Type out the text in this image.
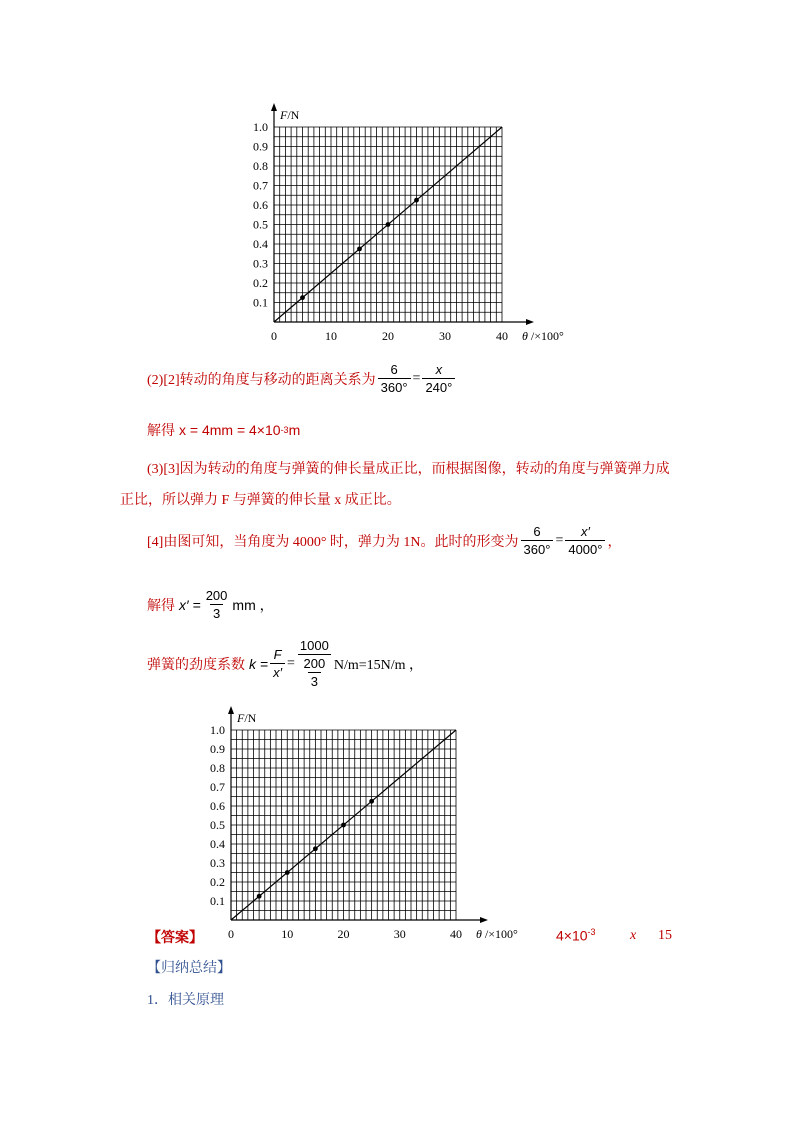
0	10	20	30	40
0.1
0.2
0.3
0.4
0.5
0.6
0.7
0.8
0.9
1.0
F/N
θ /×100°
0	10	20	30	40
0.1
0.2
0.3
0.4
0.5
0.6
0.7
0.8
0.9
1.0
F/N
θ /×100°
(2)[2]转动的角度与移动的距离关系为 $\frac{6}{360^\circ} = \frac{x}{240^\circ}$
解得 x = 4mm = 4×10 -3 m
(3)[3]因为转动的角度与弹簧的伸长量成正比，而根据图像，转动的角度与弹簧弹力成
正比，所以弹力 F 与弹簧的伸长量 x 成正比。
[4]由图可知，当角度为 4000° 时，弹力为 1N。此时的形变为 $\frac{6}{360^\circ} = \frac{x'}{4000^\circ}$ ，
解得 $x' = \frac{200}{3}$ mm ，
弹簧的劲度系数 $k = \frac{F}{x'} = \frac{1000}{\frac{200}{3}} N/m=15N/m$ ，
【答案】	$4\times 10^{-3}$ x 15
【归纳总结】
1．相关原理
